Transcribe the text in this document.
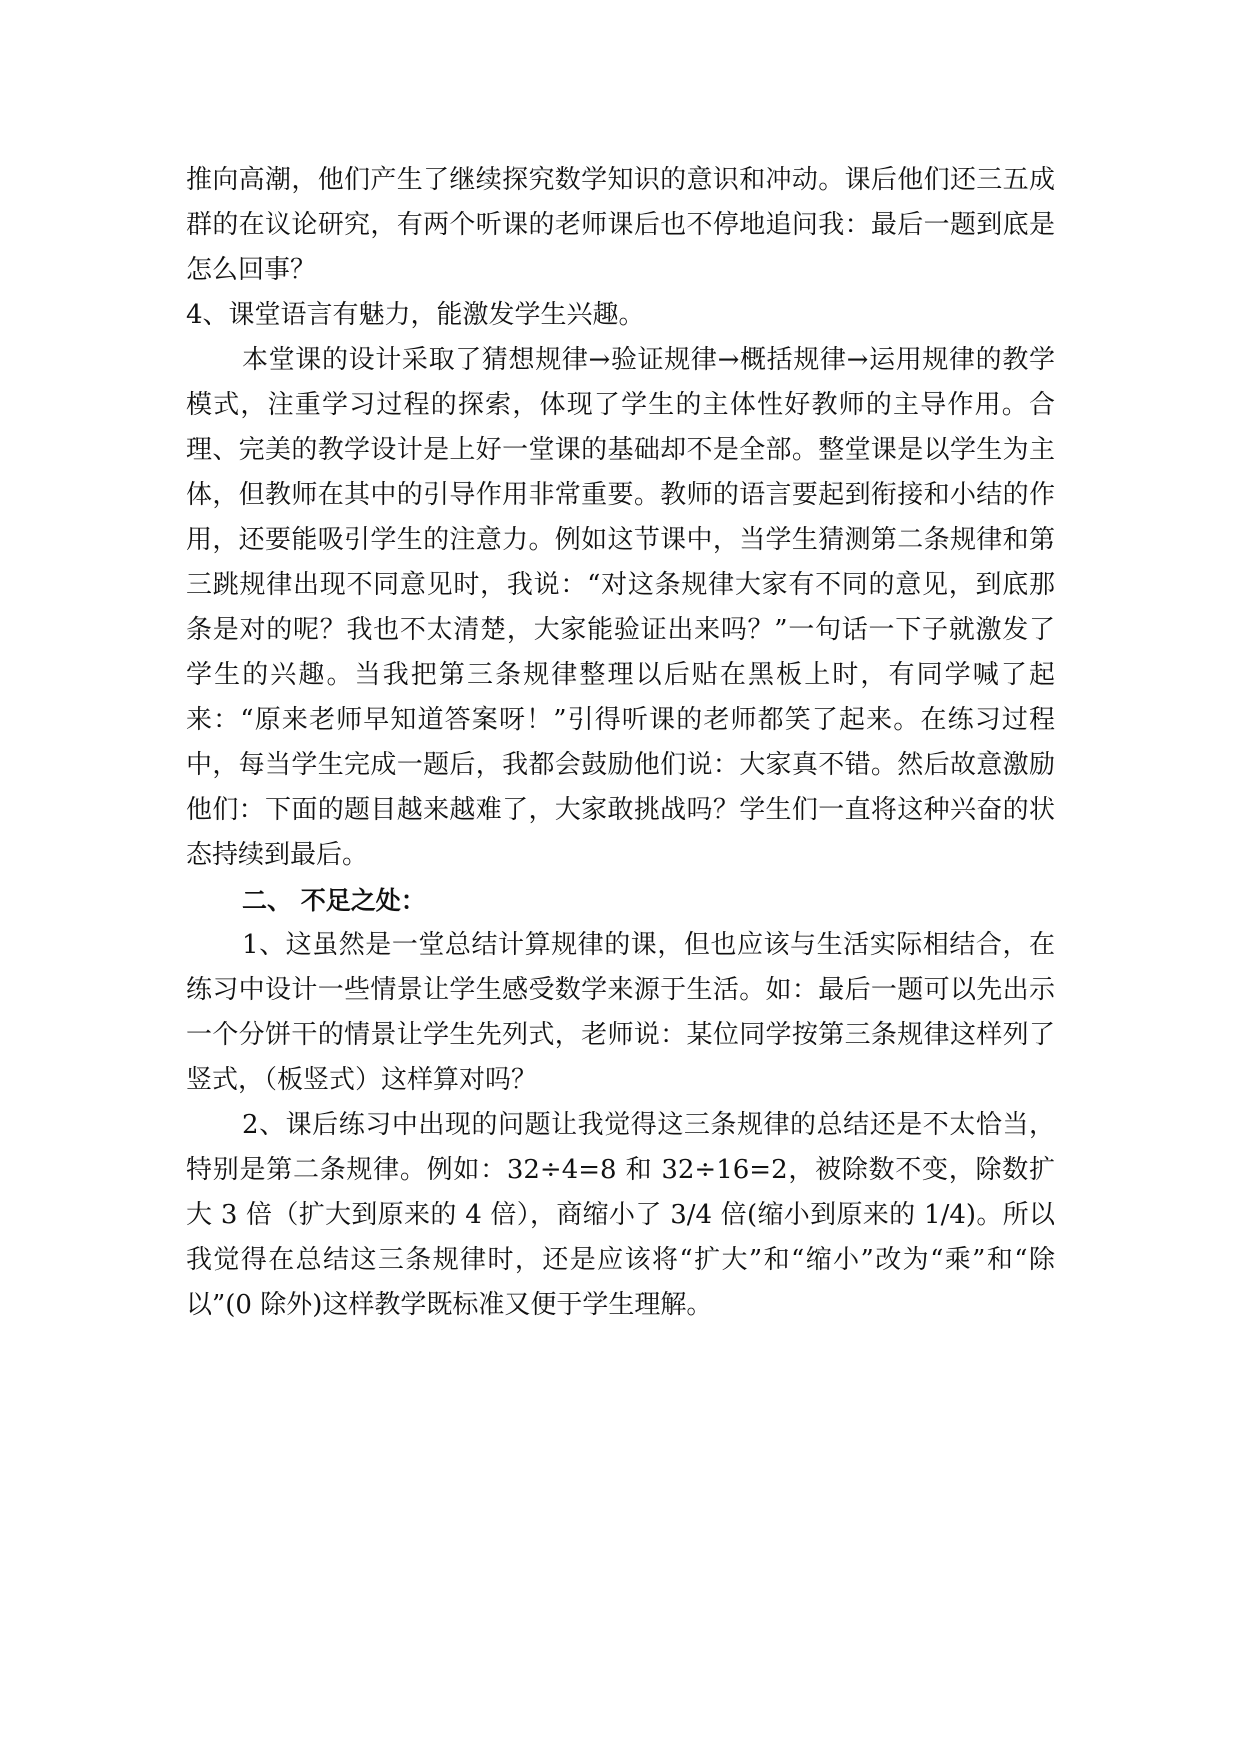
推向高潮，他们产生了继续探究数学知识的意识和冲动。课后他们还三五成群的在议论研究，有两个听课的老师课后也不停地追问我：最后一题到底是怎么回事？

4、课堂语言有魅力，能激发学生兴趣。

本堂课的设计采取了猜想规律→验证规律→概括规律→运用规律的教学模式，注重学习过程的探索，体现了学生的主体性好教师的主导作用。合理、完美的教学设计是上好一堂课的基础却不是全部。整堂课是以学生为主体，但教师在其中的引导作用非常重要。教师的语言要起到衔接和小结的作用，还要能吸引学生的注意力。例如这节课中，当学生猜测第二条规律和第三跳规律出现不同意见时，我说：“对这条规律大家有不同的意见，到底那条是对的呢？我也不太清楚，大家能验证出来吗？”一句话一下子就激发了学生的兴趣。当我把第三条规律整理以后贴在黑板上时，有同学喊了起来：“原来老师早知道答案呀！”引得听课的老师都笑了起来。在练习过程中，每当学生完成一题后，我都会鼓励他们说：大家真不错。然后故意激励他们：下面的题目越来越难了，大家敢挑战吗？学生们一直将这种兴奋的状态持续到最后。

二、 不足之处：

1、这虽然是一堂总结计算规律的课，但也应该与生活实际相结合，在练习中设计一些情景让学生感受数学来源于生活。如：最后一题可以先出示一个分饼干的情景让学生先列式，老师说：某位同学按第三条规律这样列了竖式，（板竖式）这样算对吗？

2、课后练习中出现的问题让我觉得这三条规律的总结还是不太恰当，特别是第二条规律。例如：32÷4=8 和 32÷16=2，被除数不变，除数扩大 3 倍（扩大到原来的 4 倍），商缩小了 3/4 倍(缩小到原来的 1/4)。所以我觉得在总结这三条规律时，还是应该将“扩大”和“缩小”改为“乘”和“除以”(0 除外)这样教学既标准又便于学生理解。
